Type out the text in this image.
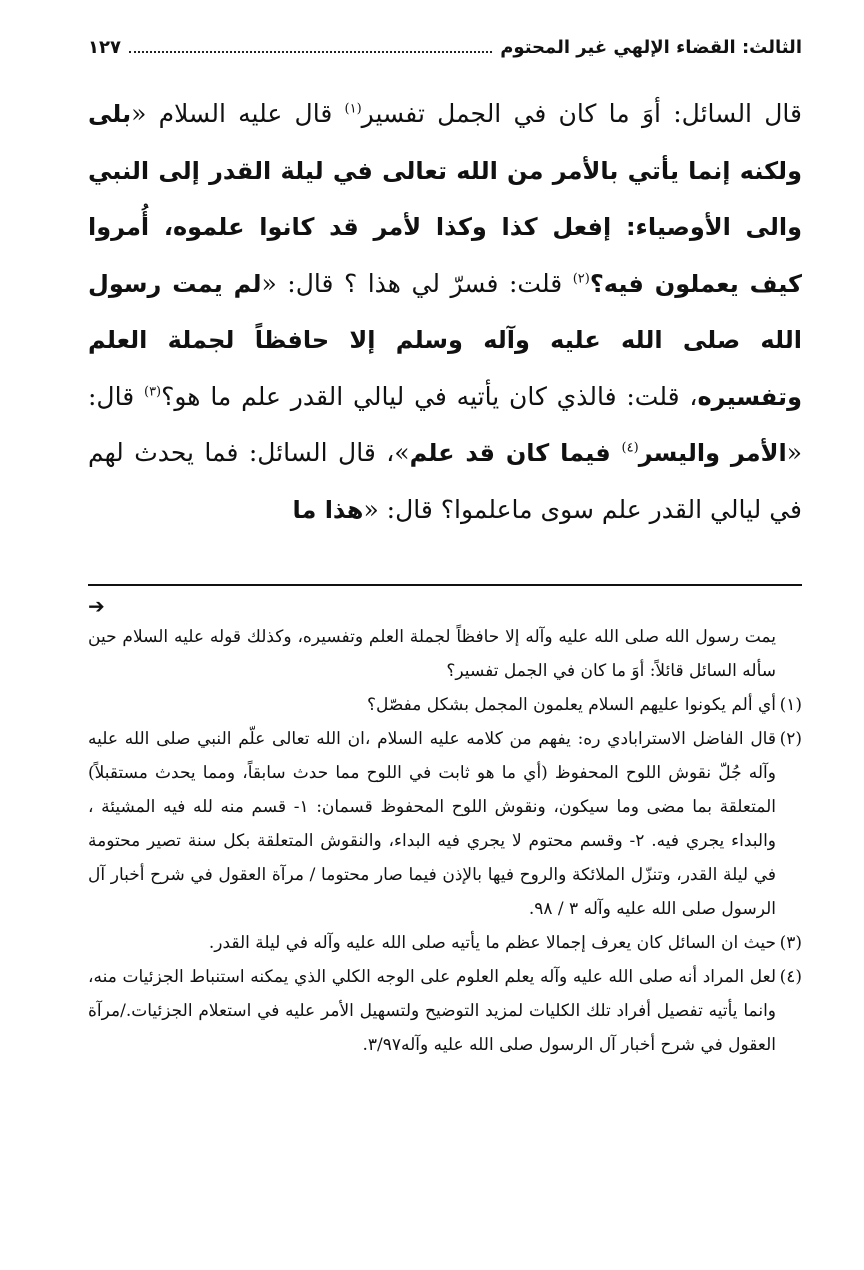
الثالث: القضاء الإلهي غير المحتوم
١٢٧
قال السائل: أوَ ما كان في الجمل تفسير$^{(١)}$ قال عليه السلام «بلى ولكنه إنما يأتي بالأمر من الله تعالى في ليلة القدر إلى النبي والى الأوصياء: إفعل كذا وكذا لأمر قد كانوا علموه، أُمروا كيف يعملون فيه؟$^{(٢)}$ قلت: فسرّ لي هذا ؟ قال: «لم يمت رسول الله صلى الله عليه وآله وسلم إلا حافظاً لجملة العلم وتفسيره، قلت: فالذي كان يأتيه في ليالي القدر علم ما هو؟$^{(٣)}$ قال: «الأمر واليسر$^{(٤)}$ فيما كان قد علم»، قال السائل: فما يحدث لهم في ليالي القدر علم سوى ماعلموا؟ قال: «هذا ما
➔

يمت رسول الله صلى الله عليه وآله إلا حافظاً لجملة العلم وتفسيره، وكذلك قوله عليه السلام حين سأله السائل قائلاً: أوَ ما كان في الجمل تفسير؟

(١)
أي ألم يكونوا عليهم السلام يعلمون المجمل بشكل مفصّل؟
(٢)
قال الفاضل الاسترابادي ره: يفهم من كلامه عليه السلام ،ان الله تعالى علّم النبي صلى الله عليه وآله جُلّ نقوش اللوح المحفوظ (أي ما هو ثابت في اللوح مما حدث سابقاً، ومما يحدث مستقبلاً) المتعلقة بما مضى وما سيكون، ونقوش اللوح المحفوظ قسمان: ١- قسم منه لله فيه المشيئة ، والبداء يجري فيه. ٢- وقسم محتوم لا يجري فيه البداء، والنقوش المتعلقة بكل سنة تصير محتومة في ليلة القدر، وتنزّل الملائكة والروح فيها بالإذن فيما صار محتوما / مرآة العقول في شرح أخبار آل الرسول صلى الله عليه وآله ٣ / ٩٨.
(٣)
حيث ان السائل كان يعرف إجمالا عظم ما يأتيه صلى الله عليه وآله في ليلة القدر.
(٤)
لعل المراد أنه صلى الله عليه وآله يعلم العلوم على الوجه الكلي الذي يمكنه استنباط الجزئيات منه، وانما يأتيه تفصيل أفراد تلك الكليات لمزيد التوضيح ولتسهيل الأمر عليه في استعلام الجزئيات./مرآة العقول في شرح أخبار آل الرسول صلى الله عليه وآله٣/٩٧.
